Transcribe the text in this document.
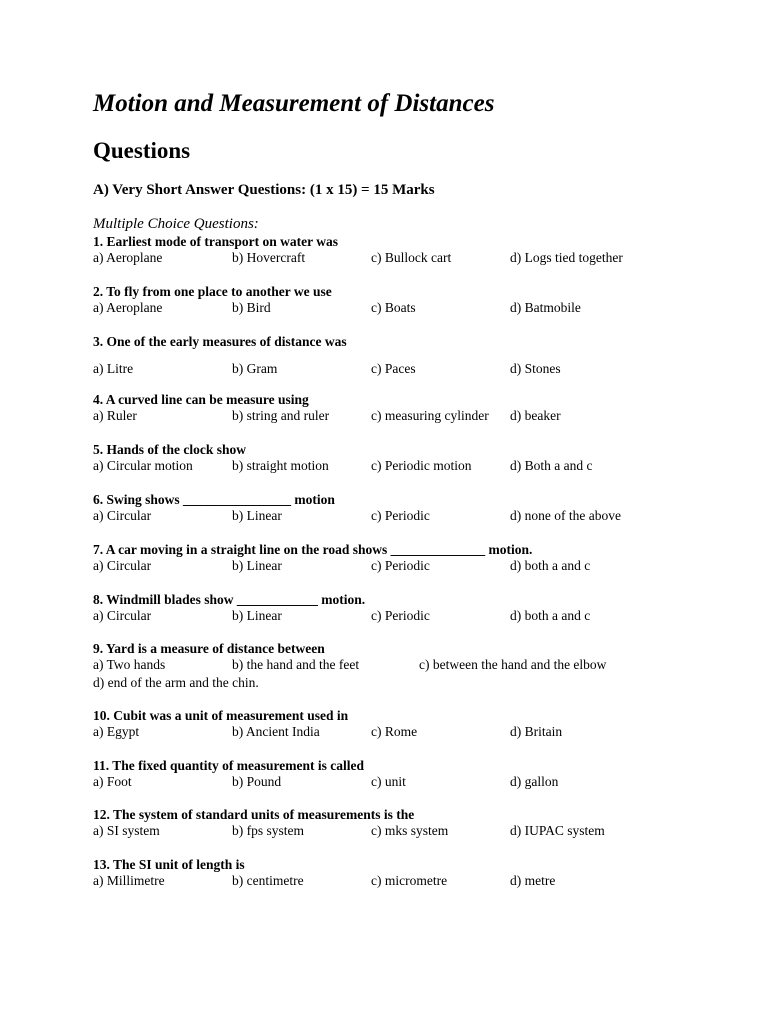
Motion and Measurement of Distances
Questions
A) Very Short Answer Questions: (1 x 15) = 15 Marks
Multiple Choice Questions:
1. Earliest mode of transport on water was
a) Aeroplane	b) Hovercraft	c) Bullock cart	d) Logs tied together
2. To fly from one place to another we use
a) Aeroplane	b) Bird	c) Boats	d) Batmobile
3. One of the early measures of distance was
a) Litre	b) Gram	c) Paces	d) Stones
4. A curved line can be measure using
a) Ruler	b) string and ruler	c) measuring cylinder d) beaker
5. Hands of the clock show
a) Circular motion	b) straight motion	c) Periodic motion	d) Both a and c
6. Swing shows ________________ motion
a) Circular	b) Linear	c) Periodic	d) none of the above
7. A car moving in a straight line on the road shows ______________ motion.
a) Circular	b) Linear	c) Periodic	d) both a and c
8. Windmill blades show ____________ motion.
a) Circular	b) Linear	c) Periodic	d) both a and c
9. Yard is a measure of distance between
a) Two hands	b) the hand and the feet	c) between the hand and the elbow
d) end of the arm and the chin.
10. Cubit was a unit of measurement used in
a) Egypt	b) Ancient India	c) Rome	d) Britain
11. The fixed quantity of measurement is called
a) Foot	b) Pound	c) unit	d) gallon
12. The system of standard units of measurements is the
a) SI system	b) fps system	c) mks system	d) IUPAC system
13. The SI unit of length is
a) Millimetre	b) centimetre	c) micrometre	d) metre
